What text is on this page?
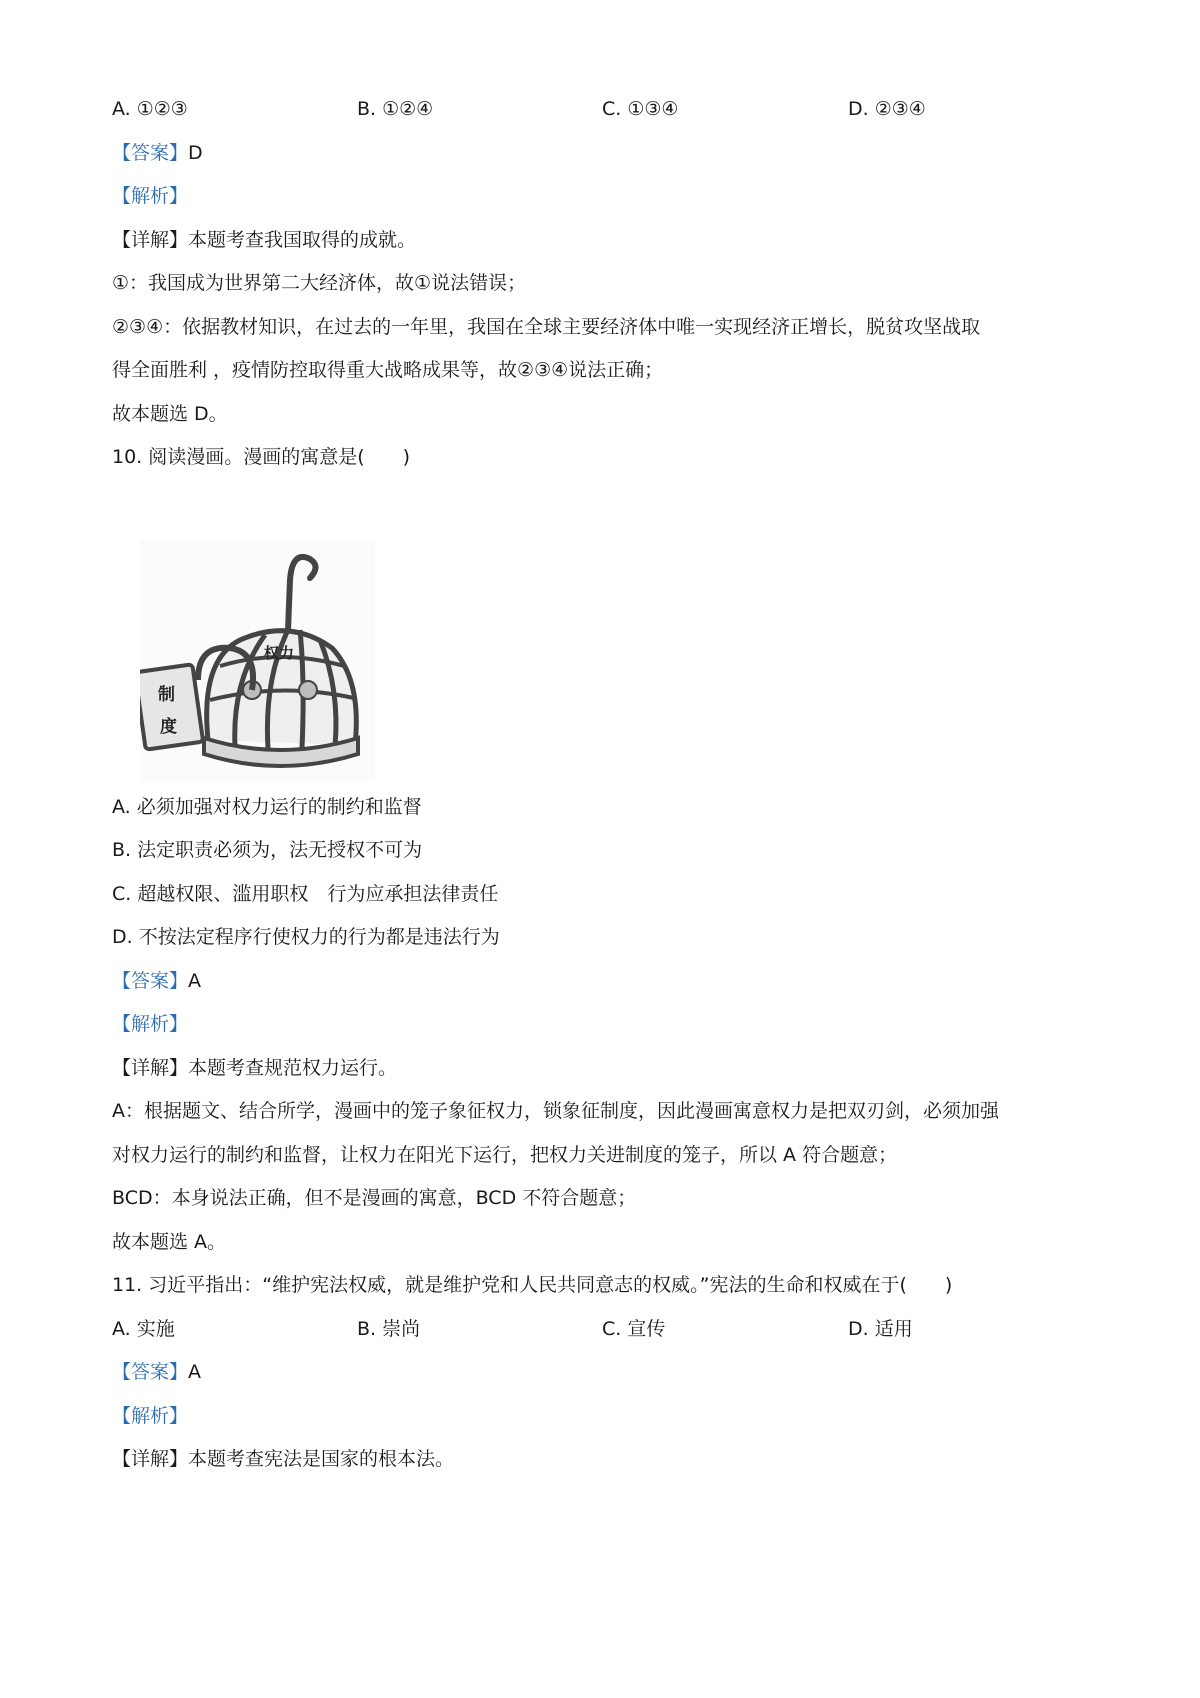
A. ①②③	B. ①②④	C. ①③④	D. ②③④
【答案】D
【解析】
【详解】本题考查我国取得的成就。
①：我国成为世界第二大经济体，故①说法错误；
②③④：依据教材知识，在过去的一年里，我国在全球主要经济体中唯一实现经济正增长，脱贫攻坚战取
得全面胜利 ，疫情防控取得重大战略成果等，故②③④说法正确；
故本题选 D。
10. 阅读漫画。漫画的寓意是(　　)
制
度
权力
A. 必须加强对权力运行的制约和监督
B. 法定职责必须为，法无授权不可为
C. 超越权限、滥用职权　行为应承担法律责任
D. 不按法定程序行使权力的行为都是违法行为
【答案】A
【解析】
【详解】本题考查规范权力运行。
A：根据题文、结合所学，漫画中的笼子象征权力，锁象征制度，因此漫画寓意权力是把双刃剑，必须加强
对权力运行的制约和监督，让权力在阳光下运行，把权力关进制度的笼子，所以 A 符合题意；
BCD：本身说法正确，但不是漫画的寓意，BCD 不符合题意；
故本题选 A。
11. 习近平指出：“维护宪法权威，就是维护党和人民共同意志的权威。”宪法的生命和权威在于(　　)
A. 实施	B. 崇尚	C. 宣传	D. 适用
【答案】A
【解析】
【详解】本题考查宪法是国家的根本法。
